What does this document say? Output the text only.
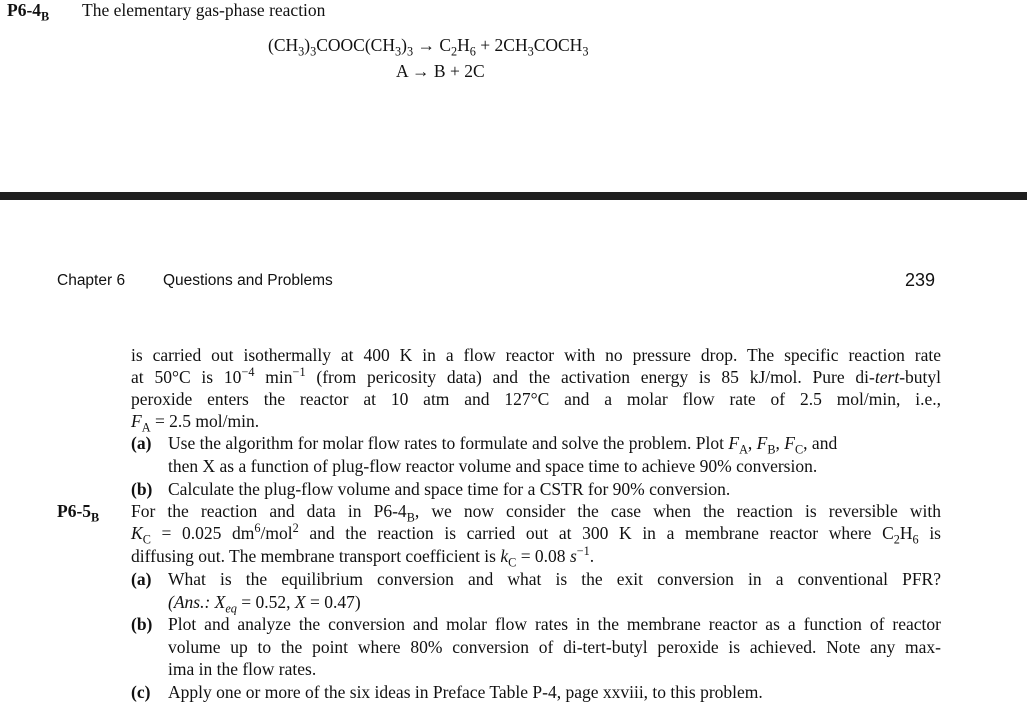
$P6-4_B$ The elementary gas-phase reaction
$(CH_3)_3COOC(CH_3)_3 \to C_2H_6$ + $2CH_3COCH_3$
A → B + 2C
Chapter 6 Questions and Problems	239
is carried out isothermally at 400 K in a flow reactor with no pressure drop. The specific reaction rate
at 50°C is $10^{-4}$ $\min^{-1}$ (from pericosity data) and the activation energy is 85 kJ/mol. Pure di-tert-butyl
peroxide enters the reactor at 10 atm and 127°C and a molar flow rate of 2.5 mol/min, i.e.,
$F_A = 2.5$ mol/min.
(a) Use the algorithm for molar flow rates to formulate and solve the problem. Plot $F_A$, $F_B$, $F_C$, and
then X as a function of plug-flow reactor volume and space time to achieve 90% conversion.
(b) Calculate the plug-flow volume and space time for a CSTR for 90% conversion.
$P6-5_B$ For the reaction and data in $P6-4_B$, we now consider the case when the reaction is reversible with
$K_C = 0.025$ $dm^6/mol^2$ and the reaction is carried out at 300 K in a membrane reactor where $C_2H_6$ is
diffusing out. The membrane transport coefficient is $k_C = 0.08$ $s^{-1}$.
(a) What is the equilibrium conversion and what is the exit conversion in a conventional PFR?
(Ans.: $X_{eq} = 0.52$, X = 0.47)
(b) Plot and analyze the conversion and molar flow rates in the membrane reactor as a function of reactor
volume up to the point where 80% conversion of di-tert-butyl peroxide is achieved. Note any max-
ima in the flow rates.
(c) Apply one or more of the six ideas in Preface Table P-4, page xxviii, to this problem.
